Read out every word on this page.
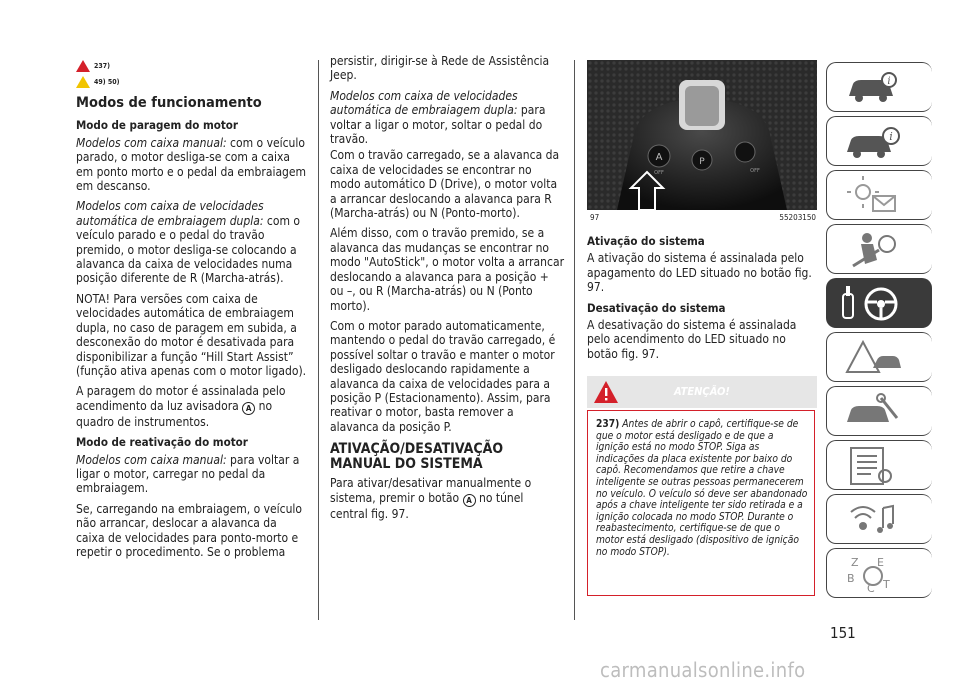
237)
49) 50)
Modos de funcionamento
Modo de paragem do motor

Modelos com caixa manual: com o veículo parado, o motor desliga-se com a caixa em ponto morto e o pedal da embraiagem em descanso.

Modelos com caixa de velocidades automática de embraiagem dupla: com o veículo parado e o pedal do travão premido, o motor desliga-se colocando a alavanca da caixa de velocidades numa posição diferente de R (Marcha-atrás).

NOTA! Para versões com caixa de velocidades automática de embraiagem dupla, no caso de paragem em subida, a desconexão do motor é desativada para disponibilizar a função “Hill Start Assist” (função ativa apenas com o motor ligado).

A paragem do motor é assinalada pelo acendimento da luz avisadora A no quadro de instrumentos.

Modo de reativação do motor

Modelos com caixa manual: para voltar a ligar o motor, carregar no pedal da embraiagem.

Se, carregando na embraiagem, o veículo não arrancar, deslocar a alavanca da caixa de velocidades para ponto-morto e repetir o procedimento. Se o problema

persistir, dirigir-se à Rede de Assistência Jeep.

Modelos com caixa de velocidades automática de embraiagem dupla: para voltar a ligar o motor, soltar o pedal do travão.

Com o travão carregado, se a alavanca da caixa de velocidades se encontrar no modo automático D (Drive), o motor volta a arrancar deslocando a alavanca para R (Marcha-atrás) ou N (Ponto-morto).

Além disso, com o travão premido, se a alavanca das mudanças se encontrar no modo "AutoStick", o motor volta a arrancar deslocando a alavanca para a posição + ou –, ou R (Marcha-atrás) ou N (Ponto morto).

Com o motor parado automaticamente, mantendo o pedal do travão carregado, é possível soltar o travão e manter o motor desligado deslocando rapidamente a alavanca da caixa de velocidades para a posição P (Estacionamento). Assim, para reativar o motor, basta remover a alavanca da posição P.

ATIVAÇÃO/DESATIVAÇÃO MANUAL DO SISTEMA

Para ativar/desativar manualmente o sistema, premir o botão A no túnel central fig. 97.

A
OFF
P
OFF
97	55203150
Ativação do sistema

A ativação do sistema é assinalada pelo apagamento do LED situado no botão fig. 97.

Desativação do sistema

A desativação do sistema é assinalada pelo acendimento do LED situado no botão fig. 97.

ATENÇÃO!
237) Antes de abrir o capô, certifique-se de que o motor está desligado e de que a ignição está no modo STOP. Siga as indicações da placa existente por baixo do capô. Recomendamos que retire a chave inteligente se outras pessoas permanecerem no veículo. O veículo só deve ser abandonado após a chave inteligente ter sido retirada e a ignição colocada no modo STOP. Durante o reabastecimento, certifique-se de que o motor está desligado (dispositivo de ignição no modo STOP).
i
i
Z E
B
C T
151
carmanualsonline.info
